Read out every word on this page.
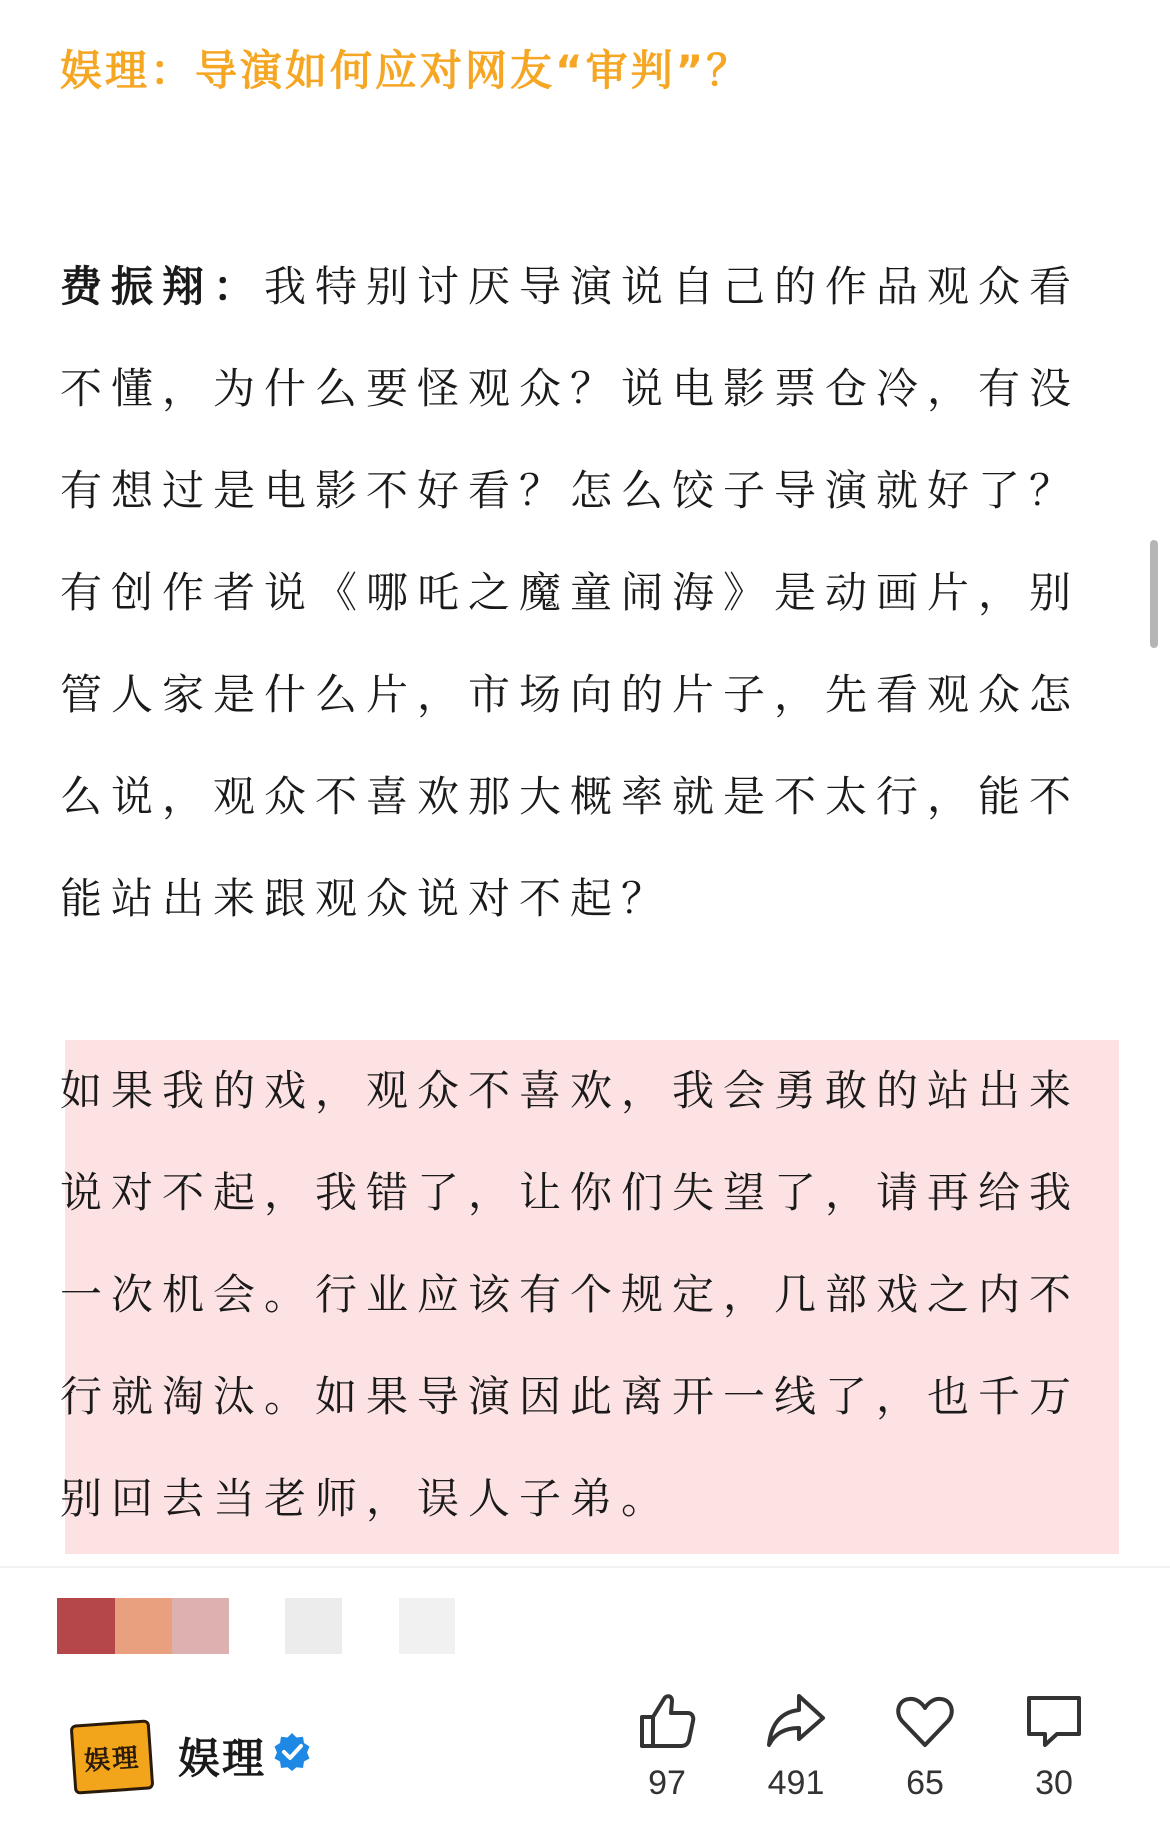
娱理：导演如何应对网友“审判”？
费振翔：我特别讨厌导演说自己的作品观众看不懂，为什么要怪观众？说电影票仓冷，有没有想过是电影不好看？怎么饺子导演就好了？有创作者说《哪吒之魔童闹海》是动画片，别管人家是什么片，市场向的片子，先看观众怎么说，观众不喜欢那大概率就是不太行，能不能站出来跟观众说对不起？
如果我的戏，观众不喜欢，我会勇敢的站出来说对不起，我错了，让你们失望了，请再给我一次机会。行业应该有个规定，几部戏之内不行就淘汰。如果导演因此离开一线了，也千万别回去当老师，误人子弟。
娱理 娱理	97	491	65	30
